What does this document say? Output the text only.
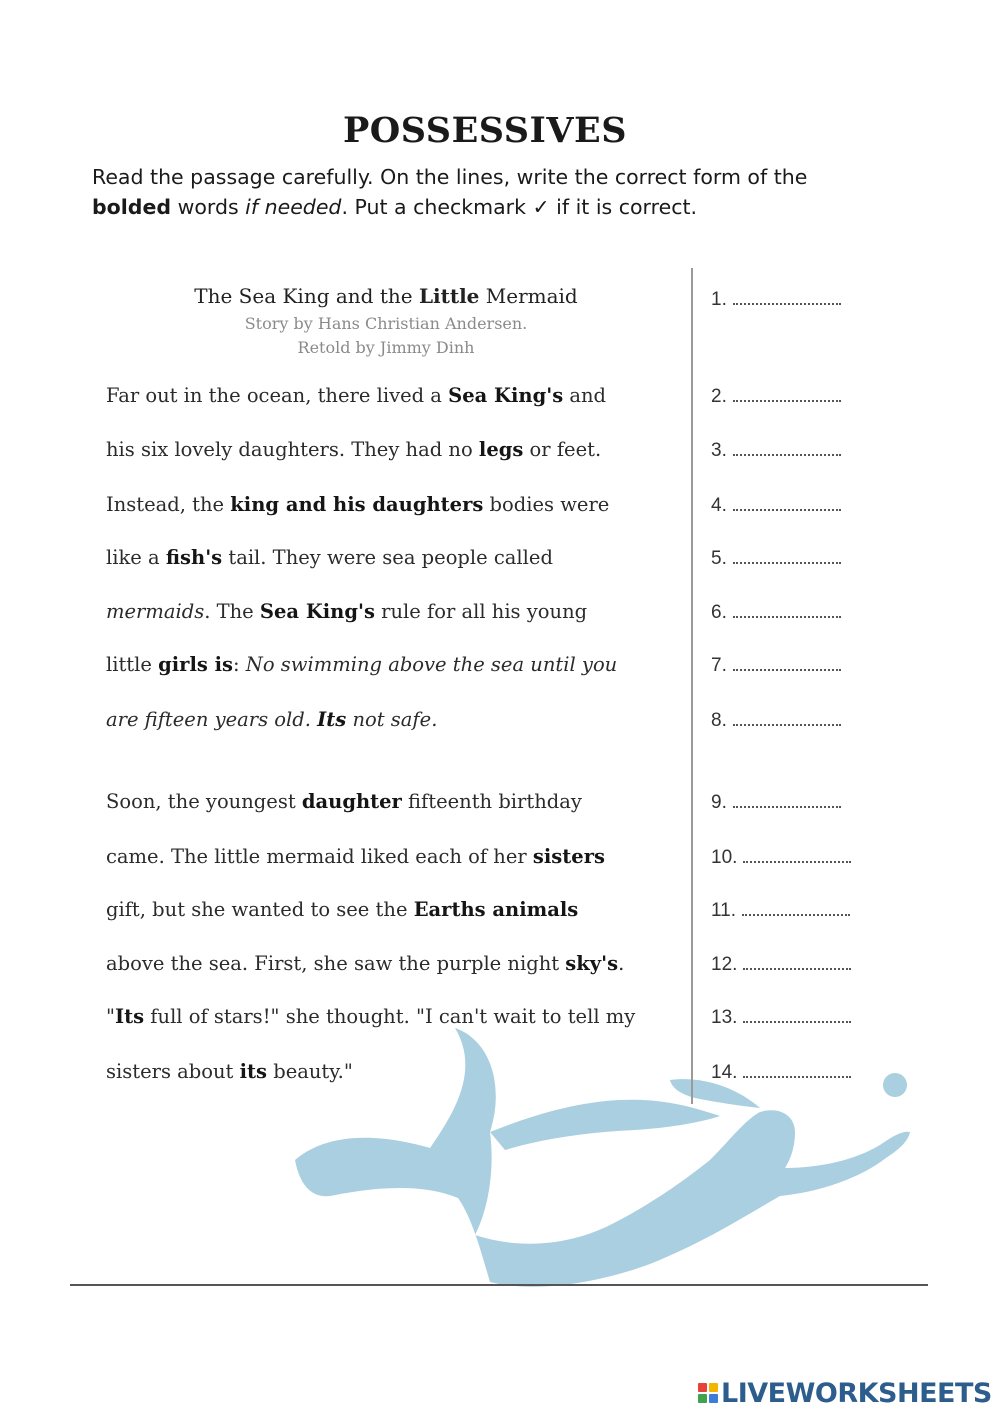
POSSESSIVES
Read the passage carefully. On the lines, write the correct form of the
bolded words if needed. Put a checkmark ✓ if it is correct.
The Sea King and the Little Mermaid
Story by Hans Christian Andersen.
Retold by Jimmy Dinh
Far out in the ocean, there lived a Sea King's and
his six lovely daughters. They had no legs or feet.
Instead, the king and his daughters bodies were
like a fish's tail. They were sea people called
mermaids. The Sea King's rule for all his young
little girls is: No swimming above the sea until you
are fifteen years old. Its not safe.
Soon, the youngest daughter fifteenth birthday
came. The little mermaid liked each of her sisters
gift, but she wanted to see the Earths animals
above the sea. First, she saw the purple night sky's.
"Its full of stars!" she thought. "I can't wait to tell my
sisters about its beauty."
1.
2.
3.
4.
5.
6.
7.
8.
9.
10.
11.
12.
13.
14.
LIVEWORKSHEETS
